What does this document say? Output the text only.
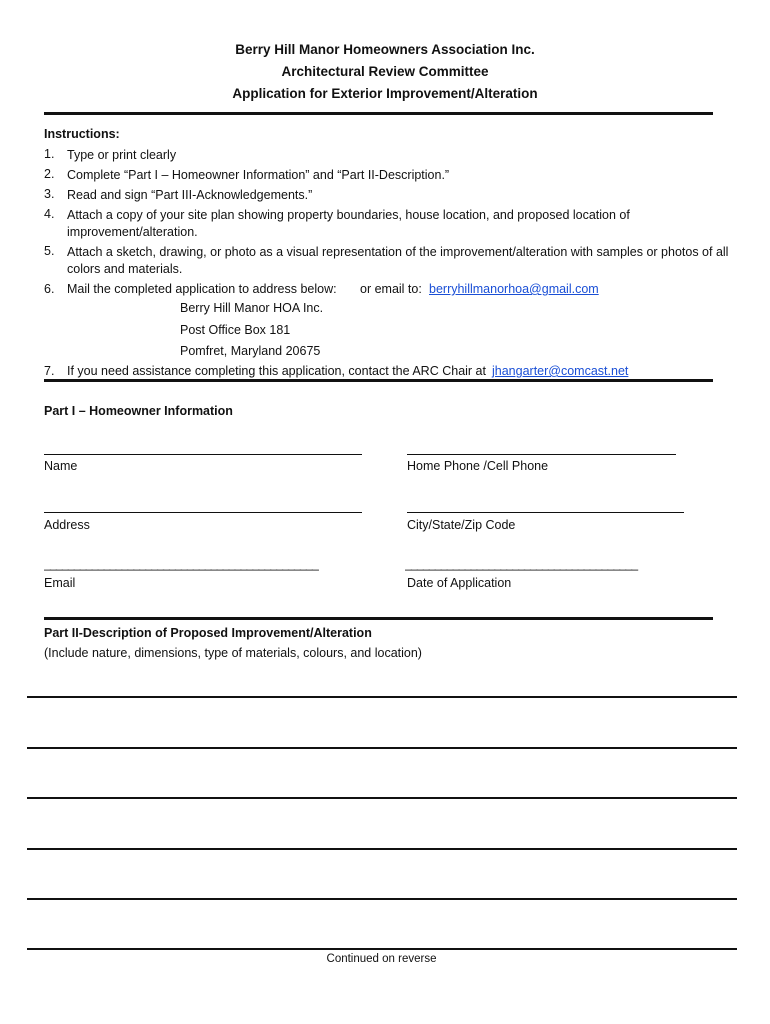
Berry Hill Manor Homeowners Association Inc.
Architectural Review Committee
Application for Exterior Improvement/Alteration
Instructions:
1. Type or print clearly
2. Complete “Part I – Homeowner Information” and “Part II-Description.”
3. Read and sign “Part III-Acknowledgements.”
4. Attach a copy of your site plan showing property boundaries, house location, and proposed location of improvement/alteration.
5. Attach a sketch, drawing, or photo as a visual representation of the improvement/alteration with samples or photos of all colors and materials.
6. Mail the completed application to address below: or email to: berryhillmanorhoa@gmail.com
Berry Hill Manor HOA Inc.
Post Office Box 181
Pomfret, Maryland 20675
7. If you need assistance completing this application, contact the ARC Chair at jhangarter@comcast.net
Part I – Homeowner Information
Name	Home Phone /Cell Phone
Address	City/State/Zip Code
______________________________________________	_______________________________________
Email	Date of Application
Part II-Description of Proposed Improvement/Alteration
(Include nature, dimensions, type of materials, colours, and location)
Continued on reverse
